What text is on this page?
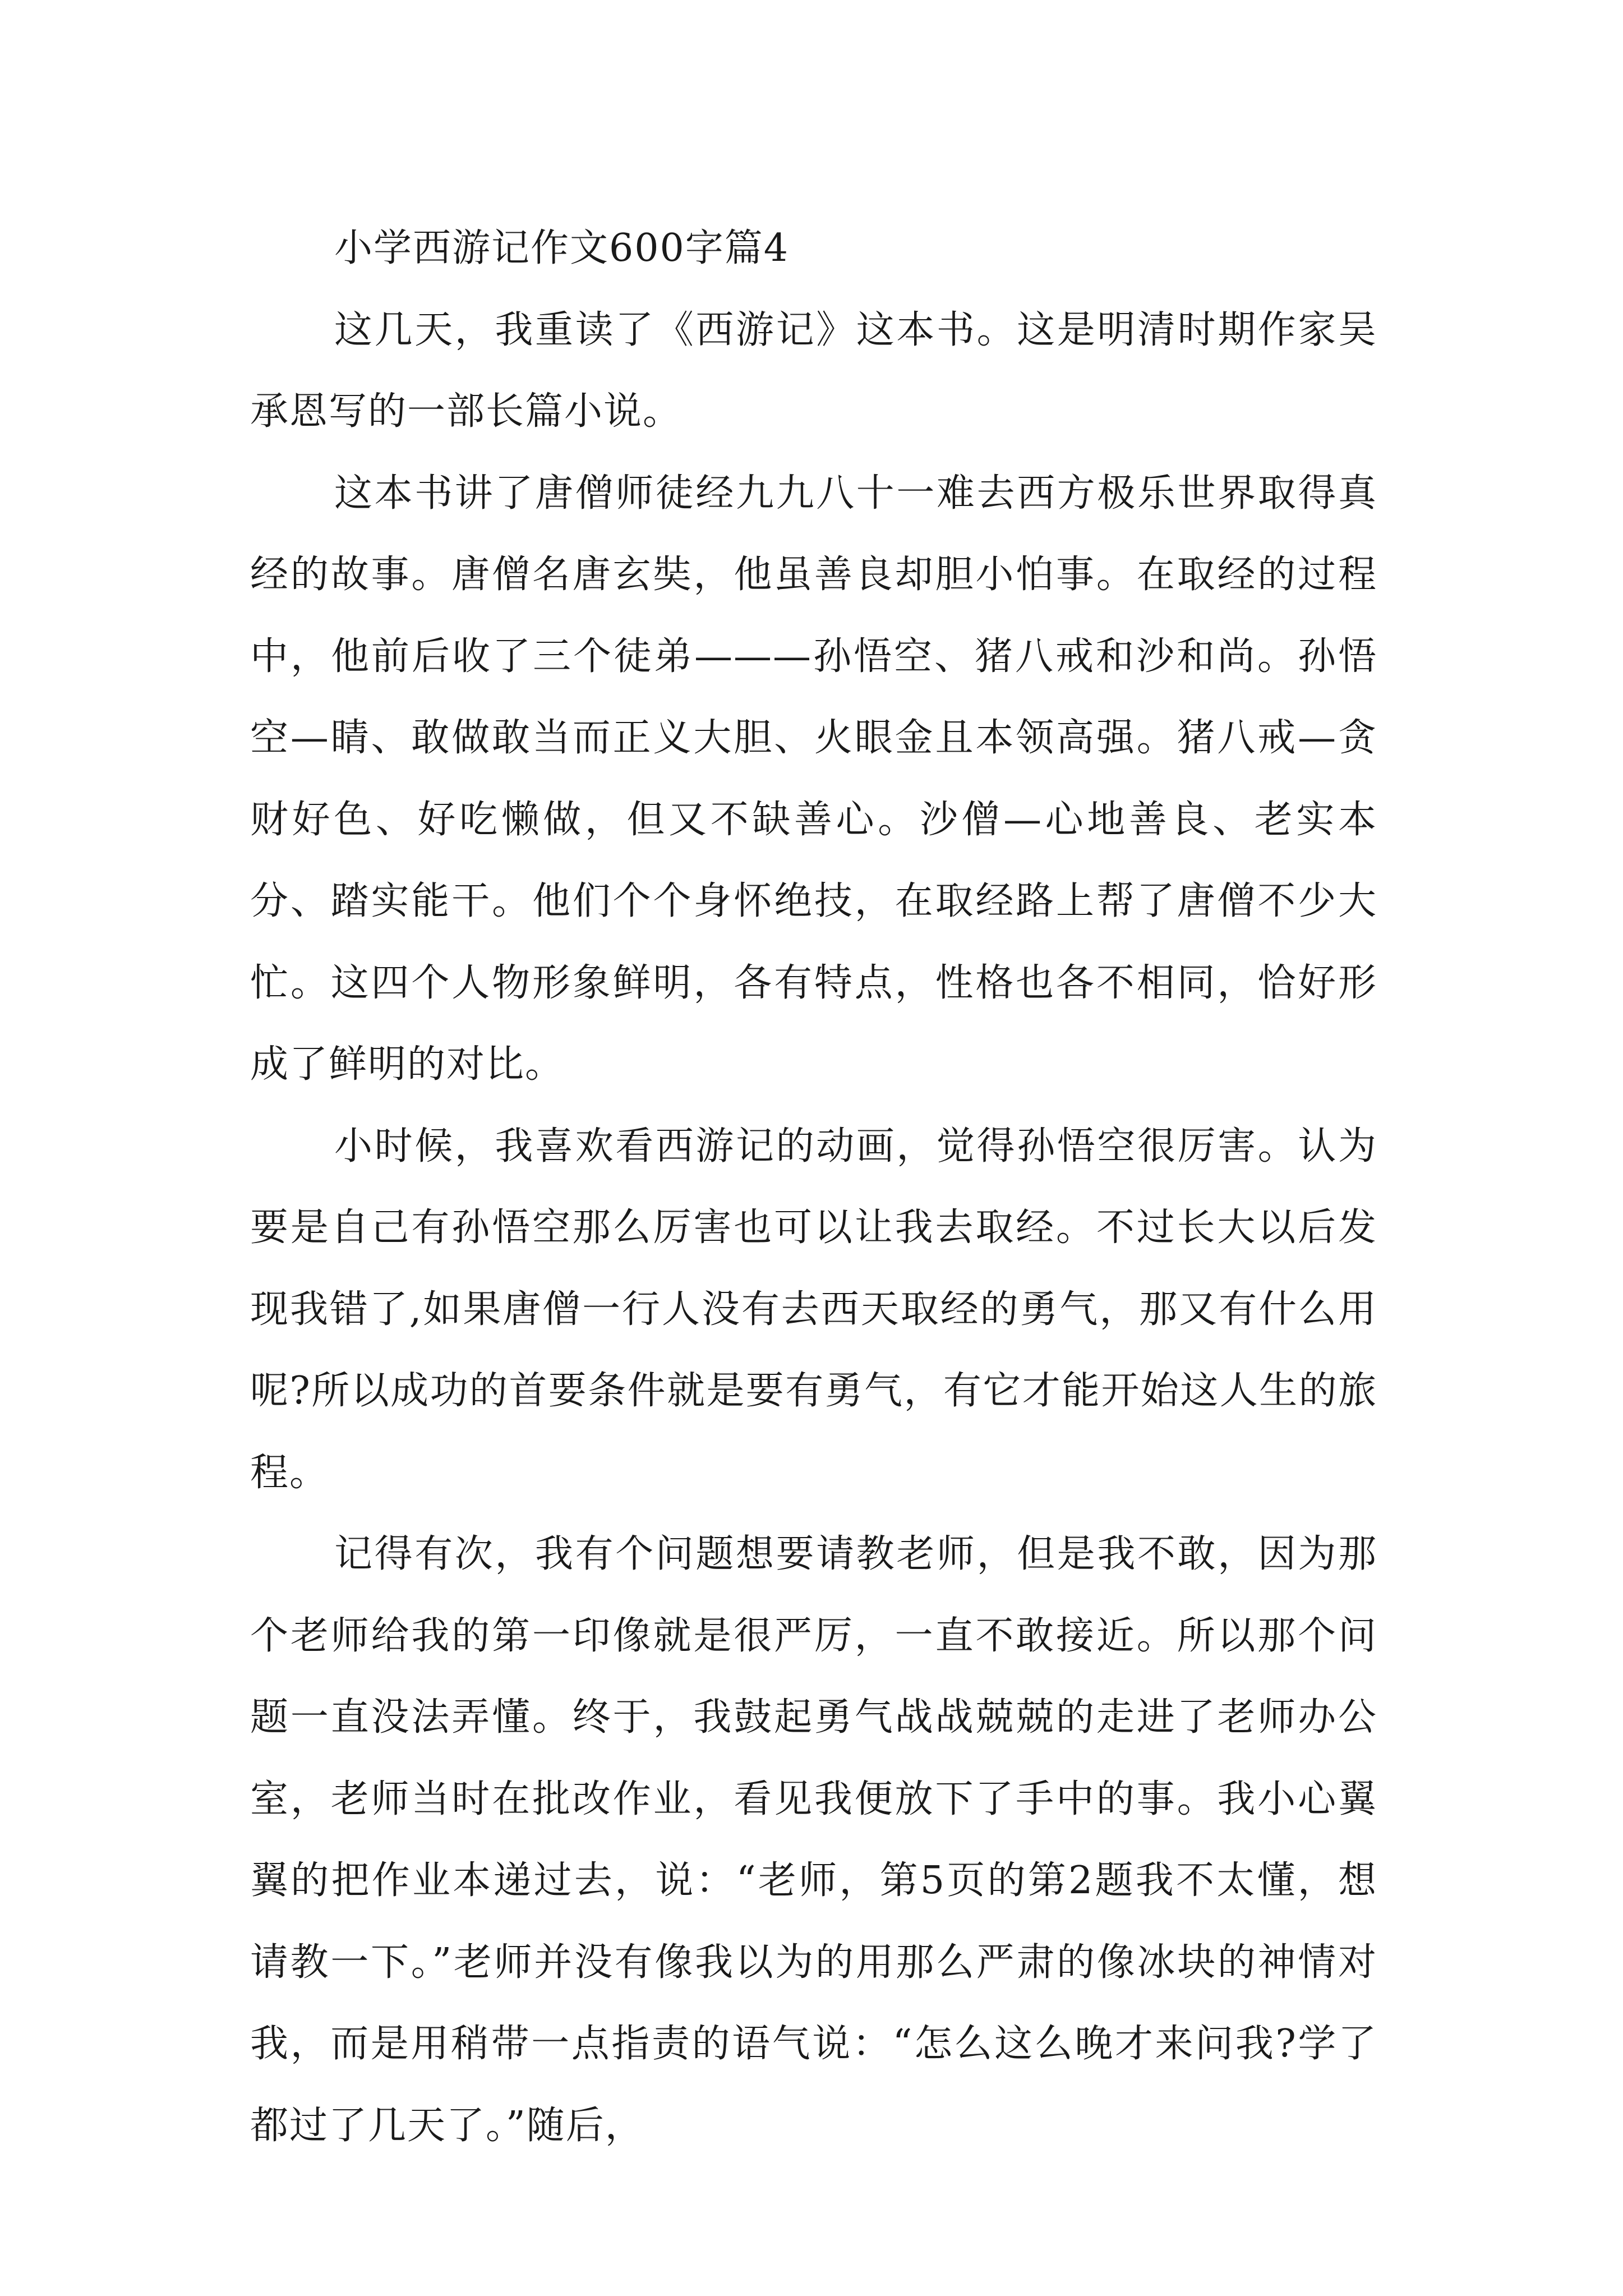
小学西游记作文600字篇4

这几天，我重读了《西游记》这本书。这是明清时期作家吴承恩写的一部长篇小说。

这本书讲了唐僧师徒经九九八十一难去西方极乐世界取得真经的故事。唐僧名唐玄奘，他虽善良却胆小怕事。在取经的过程中，他前后收了三个徒弟———孙悟空、猪八戒和沙和尚。孙悟空—睛、敢做敢当而正义大胆、火眼金且本领高强。猪八戒—贪财好色、好吃懒做，但又不缺善心。沙僧—心地善良、老实本分、踏实能干。他们个个身怀绝技，在取经路上帮了唐僧不少大忙。这四个人物形象鲜明，各有特点，性格也各不相同，恰好形成了鲜明的对比。

小时候，我喜欢看西游记的动画，觉得孙悟空很厉害。认为要是自己有孙悟空那么厉害也可以让我去取经。不过长大以后发现我错了,如果唐僧一行人没有去西天取经的勇气，那又有什么用呢?所以成功的首要条件就是要有勇气，有它才能开始这人生的旅程。

记得有次，我有个问题想要请教老师，但是我不敢，因为那个老师给我的第一印像就是很严厉，一直不敢接近。所以那个问题一直没法弄懂。终于，我鼓起勇气战战兢兢的走进了老师办公室，老师当时在批改作业，看见我便放下了手中的事。我小心翼翼的把作业本递过去，说：“老师，第5页的第2题我不太懂，想请教一下。”老师并没有像我以为的用那么严肃的像冰块的神情对我，而是用稍带一点指责的语气说：“怎么这么晚才来问我?学了都过了几天了。”随后，
